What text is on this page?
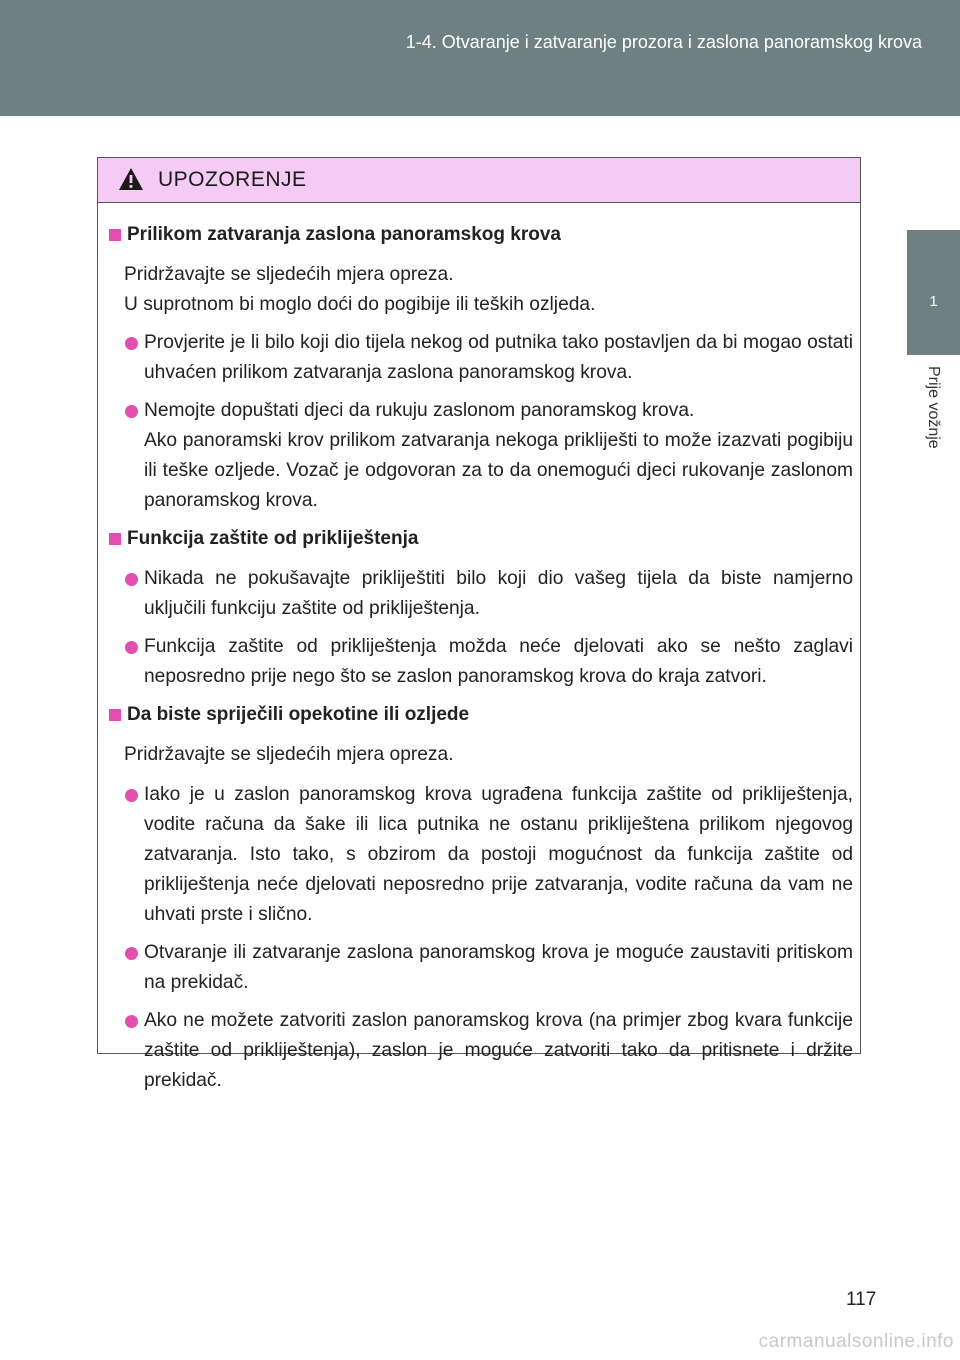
1-4. Otvaranje i zatvaranje prozora i zaslona panoramskog krova
1
Prije vožnje
UPOZORENJE
Prilikom zatvaranja zaslona panoramskog krova
Pridržavajte se sljedećih mjera opreza.
U suprotnom bi moglo doći do pogibije ili teških ozljeda.
Provjerite je li bilo koji dio tijela nekog od putnika tako postavljen da bi mogao ostati uhvaćen prilikom zatvaranja zaslona panoramskog krova.
Nemojte dopuštati djeci da rukuju zaslonom panoramskog krova.
Ako panoramski krov prilikom zatvaranja nekoga prikliješti to može izazvati pogibiju ili teške ozljede. Vozač je odgovoran za to da onemogući djeci rukovanje zaslonom panoramskog krova.
Funkcija zaštite od prikliještenja
Nikada ne pokušavajte prikliještiti bilo koji dio vašeg tijela da biste namjerno uključili funkciju zaštite od prikliještenja.
Funkcija zaštite od prikliještenja možda neće djelovati ako se nešto zaglavi neposredno prije nego što se zaslon panoramskog krova do kraja zatvori.
Da biste spriječili opekotine ili ozljede
Pridržavajte se sljedećih mjera opreza.
Iako je u zaslon panoramskog krova ugrađena funkcija zaštite od prikliještenja, vodite računa da šake ili lica putnika ne ostanu prikliještena prilikom njegovog zatvaranja. Isto tako, s obzirom da postoji mogućnost da funkcija zaštite od prikliještenja neće djelovati neposredno prije zatvaranja, vodite računa da vam ne uhvati prste i slično.
Otvaranje ili zatvaranje zaslona panoramskog krova je moguće zaustaviti pritiskom na prekidač.
Ako ne možete zatvoriti zaslon panoramskog krova (na primjer zbog kvara funkcije zaštite od prikliještenja), zaslon je moguće zatvoriti tako da pritisnete i držite prekidač.
117
carmanualsonline.info
